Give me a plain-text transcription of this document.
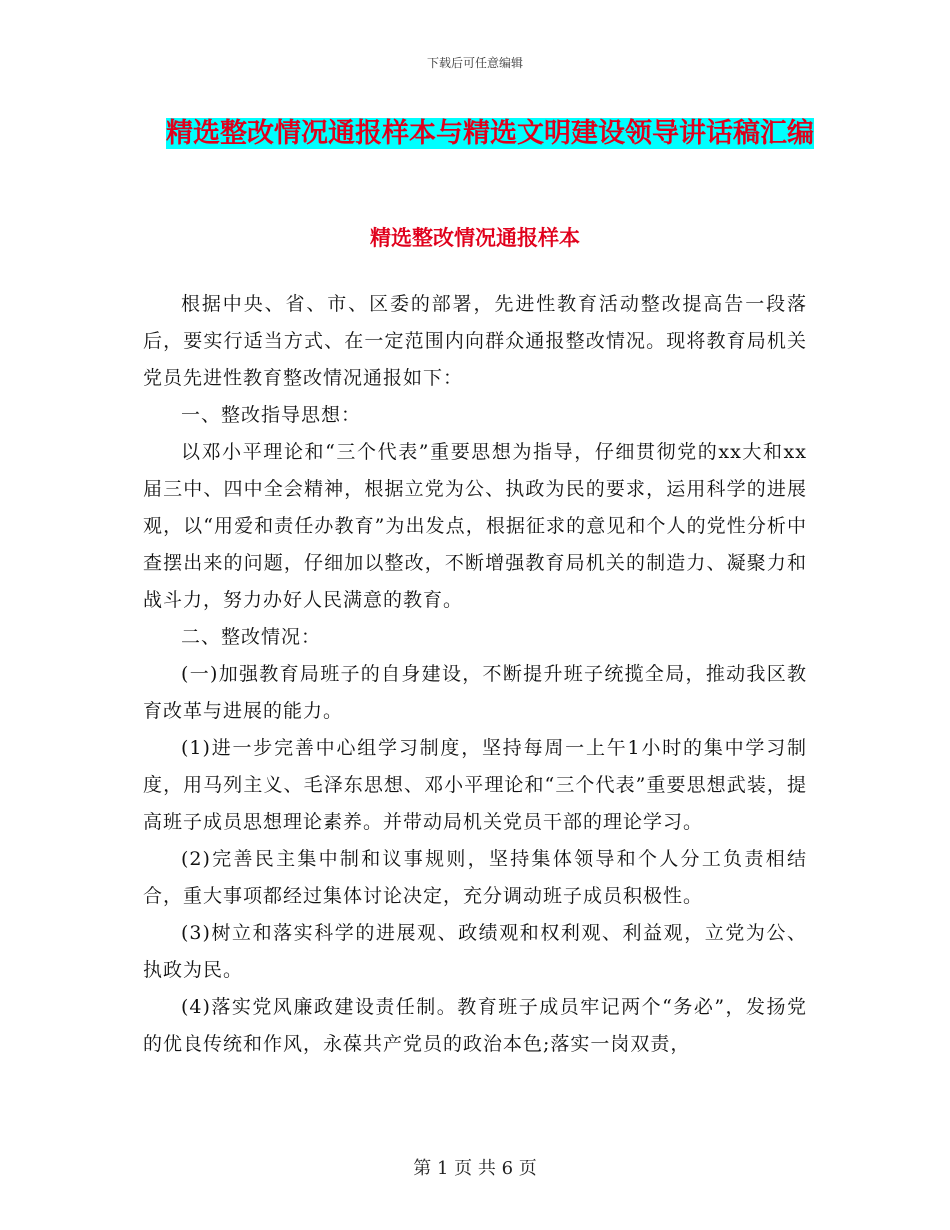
下载后可任意编辑
精选整改情况通报样本与精选文明建设领导讲话稿汇编
精选整改情况通报样本

根据中央、省、市、区委的部署，先进性教育活动整改提高告一段落后，要实行适当方式、在一定范围内向群众通报整改情况。现将教育局机关党员先进性教育整改情况通报如下：

一、整改指导思想：

以邓小平理论和“三个代表”重要思想为指导，仔细贯彻党的xx大和xx届三中、四中全会精神，根据立党为公、执政为民的要求，运用科学的进展观，以“用爱和责任办教育”为出发点，根据征求的意见和个人的党性分析中查摆出来的问题，仔细加以整改，不断增强教育局机关的制造力、凝聚力和战斗力，努力办好人民满意的教育。

二、整改情况：

(一)加强教育局班子的自身建设，不断提升班子统揽全局，推动我区教育改革与进展的能力。

(1)进一步完善中心组学习制度，坚持每周一上午1小时的集中学习制度，用马列主义、毛泽东思想、邓小平理论和“三个代表”重要思想武装，提高班子成员思想理论素养。并带动局机关党员干部的理论学习。

(2)完善民主集中制和议事规则，坚持集体领导和个人分工负责相结合，重大事项都经过集体讨论决定，充分调动班子成员积极性。

(3)树立和落实科学的进展观、政绩观和权利观、利益观，立党为公、执政为民。

(4)落实党风廉政建设责任制。教育班子成员牢记两个“务必”，发扬党的优良传统和作风，永葆共产党员的政治本色;落实一岗双责，

第 1 页 共 6 页
